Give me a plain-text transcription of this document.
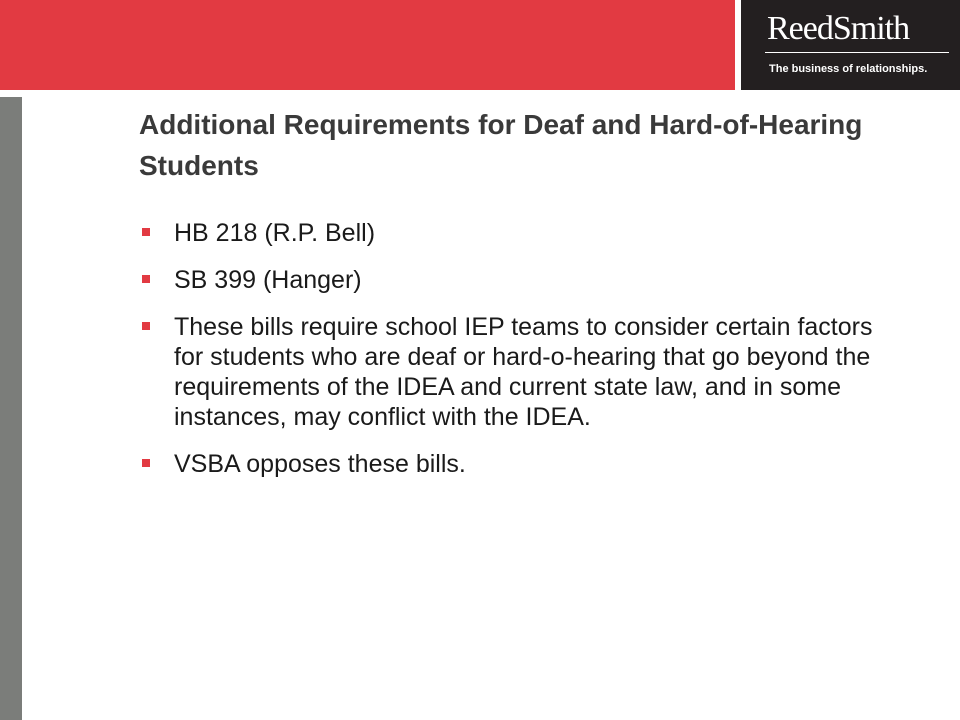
ReedSmith
The business of relationships.
Additional Requirements for Deaf and Hard-of-Hearing Students
HB 218 (R.P. Bell)
SB 399 (Hanger)
These bills require school IEP teams to consider certain factors for students who are deaf or hard-o-hearing that go beyond the requirements of the IDEA and current state law, and in some instances, may conflict with the IDEA.
VSBA opposes these bills.
